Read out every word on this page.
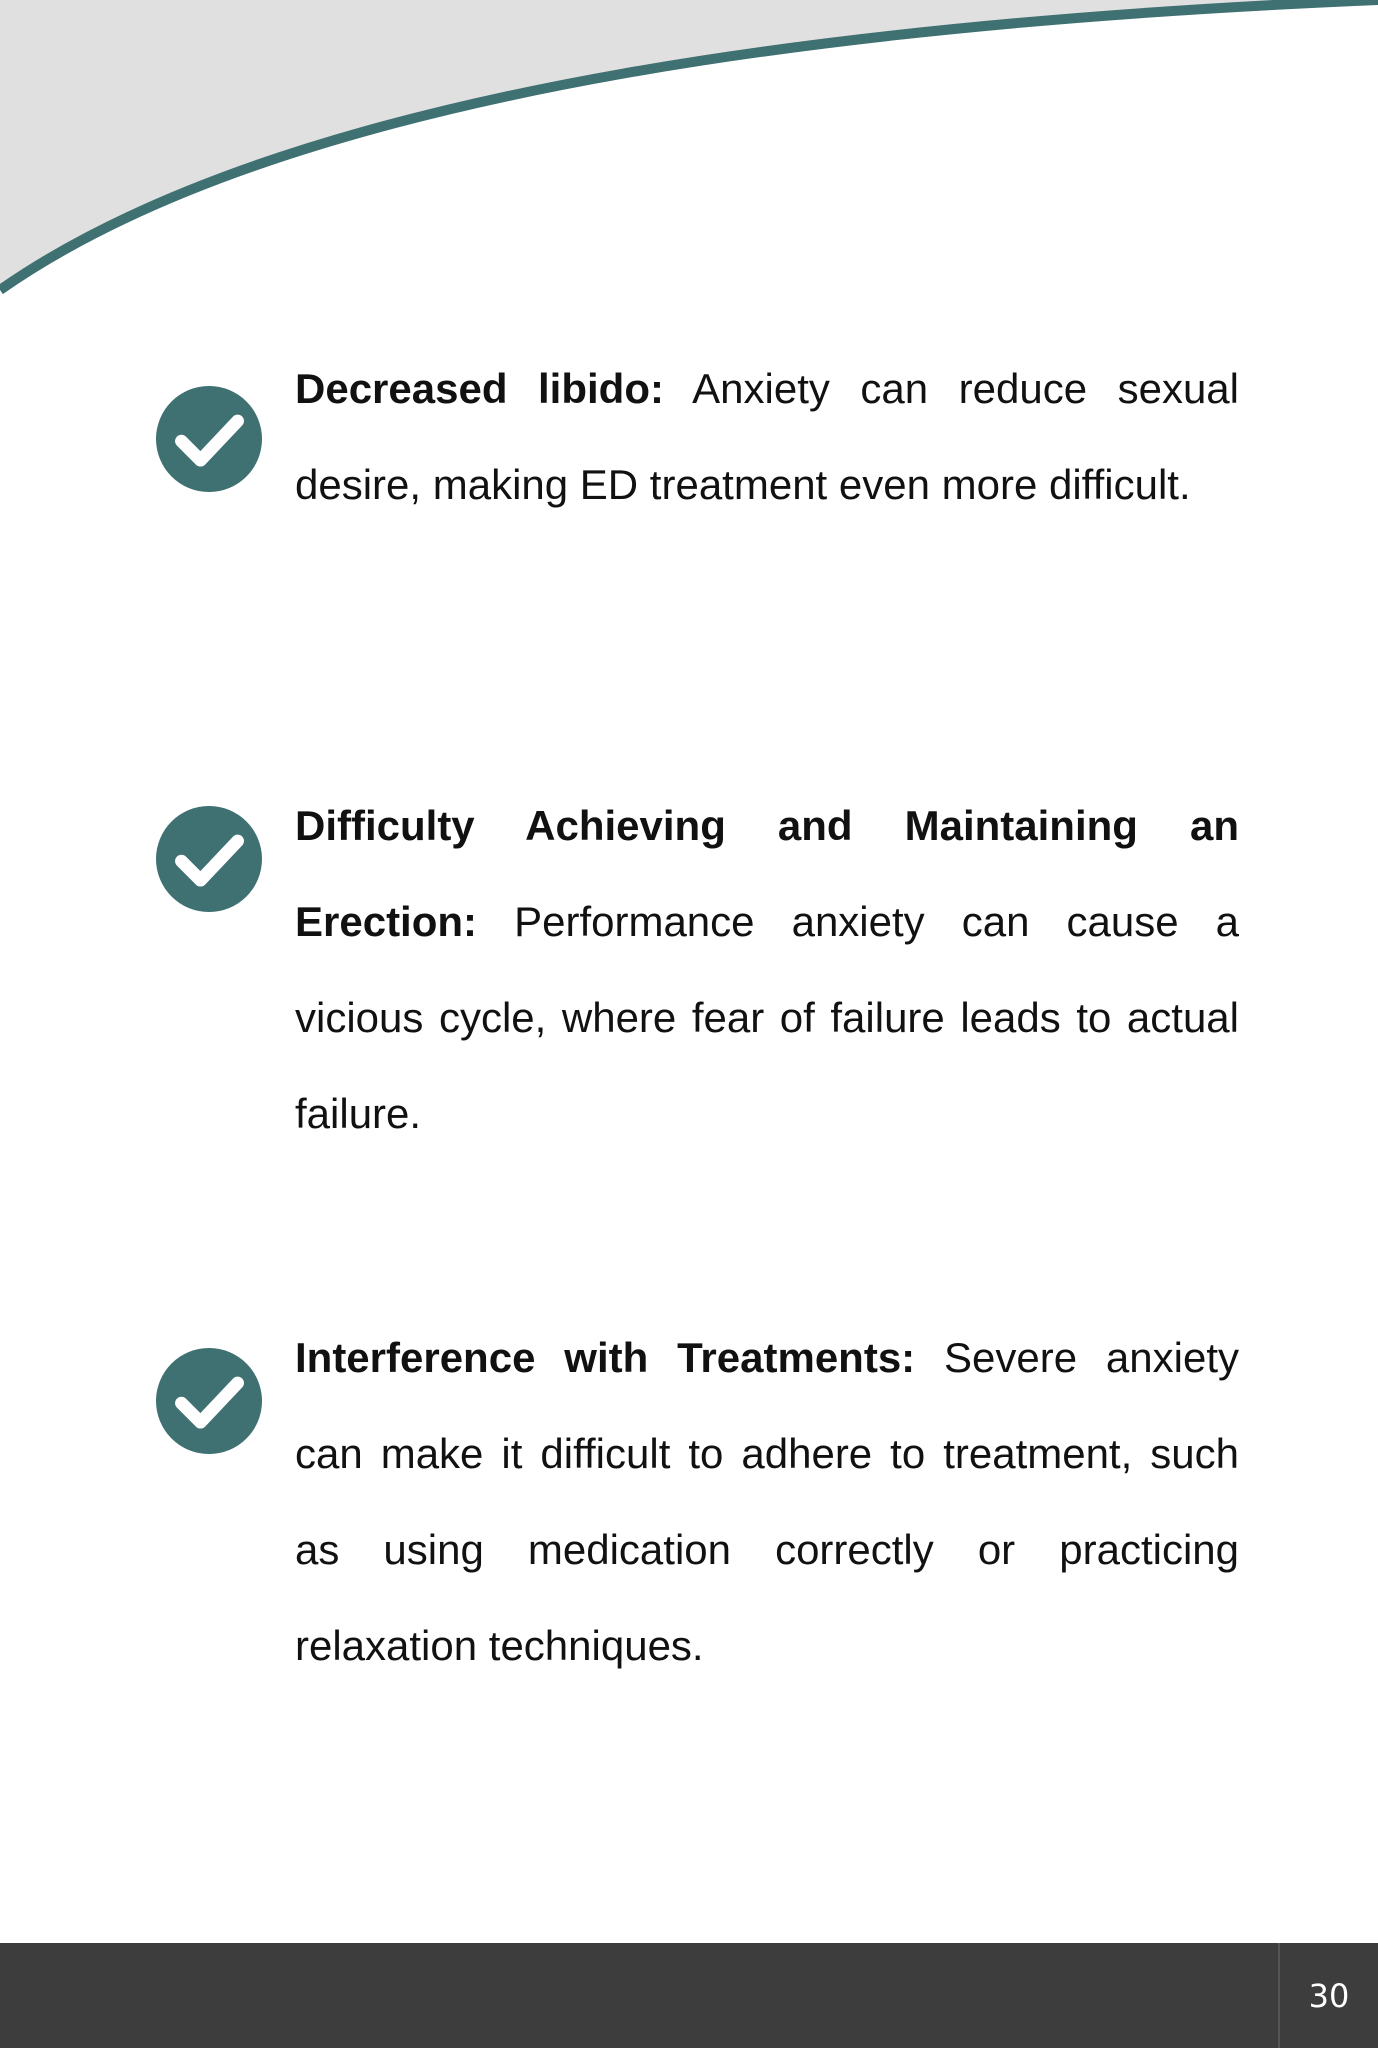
Decreased libido: Anxiety can reduce sexual desire, making ED treatment even more difficult.

Difficulty Achieving and Maintaining an Erection: Performance anxiety can cause a vicious cycle, where fear of failure leads to actual failure.

Interference with Treatments: Severe anxiety can make it difficult to adhere to treatment, such as using medication correctly or practicing relaxation techniques.

30
